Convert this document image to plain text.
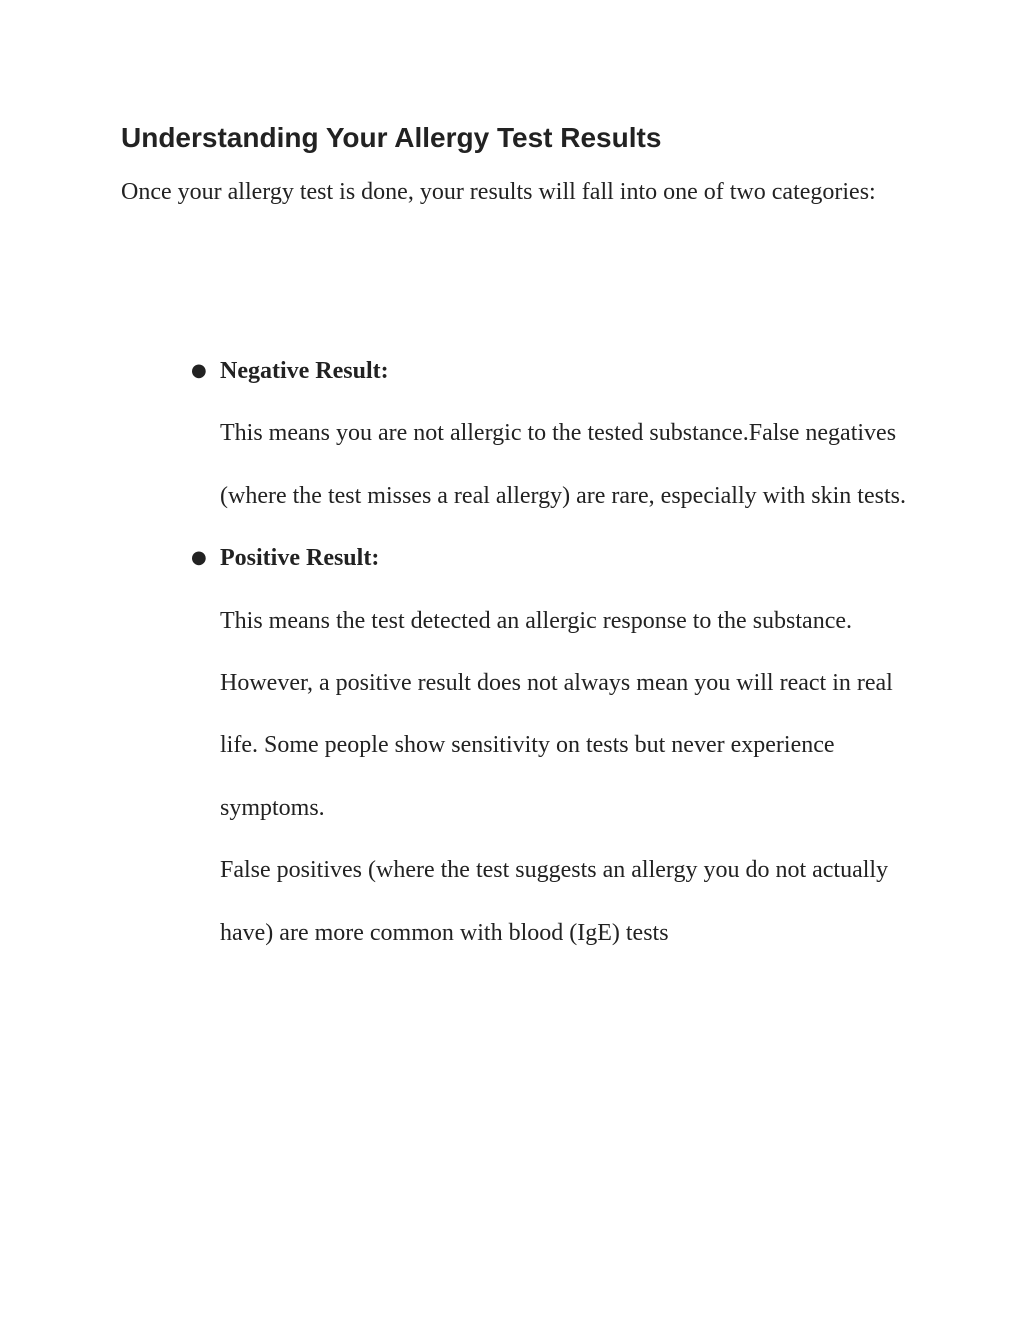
Understanding Your Allergy Test Results

Once your allergy test is done, your results will fall into one of two categories:

● Negative Result:

This means you are not allergic to the tested substance.False negatives (where the test misses a real allergy) are rare, especially with skin tests.

● Positive Result:

This means the test detected an allergic response to the substance.

However, a positive result does not always mean you will react in real life. Some people show sensitivity on tests but never experience symptoms.

False positives (where the test suggests an allergy you do not actually have) are more common with blood (IgE) tests
